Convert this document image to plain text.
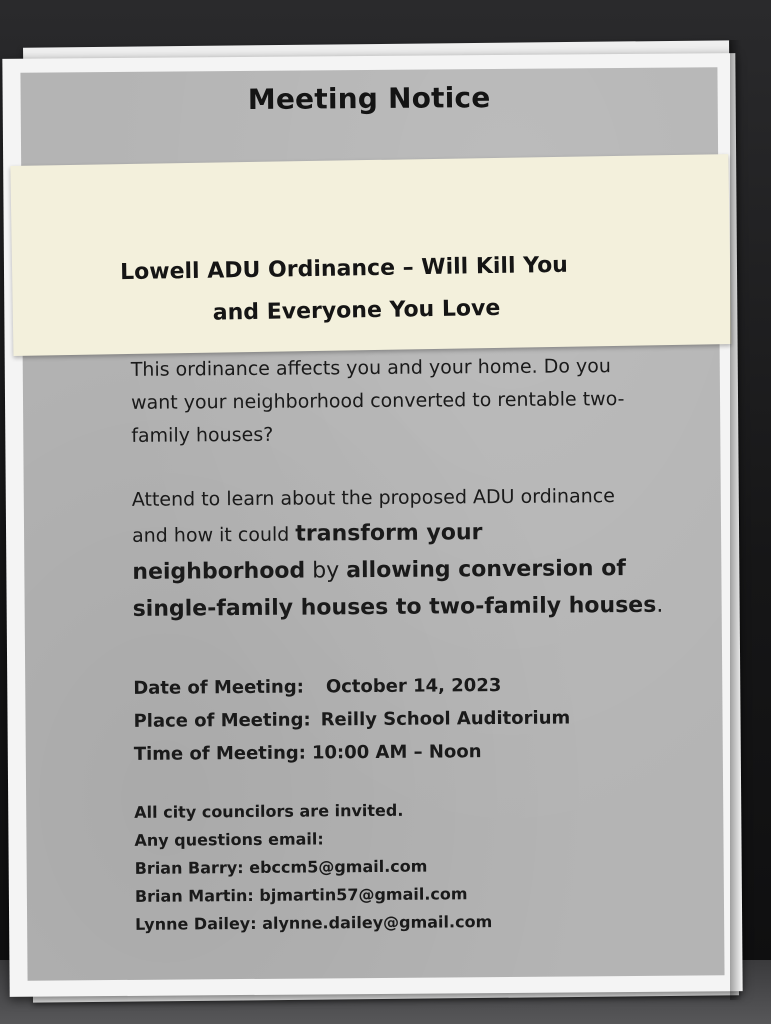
Meeting Notice
This ordinance affects you and your home. Do you
want your neighborhood converted to rentable two-
family houses?
Attend to learn about the proposed ADU ordinance
and how it could transform your
neighborhood by allowing conversion of
single-family houses to two-family houses.
Date of Meeting: October 14, 2023
Place of Meeting: Reilly School Auditorium
Time of Meeting: 10:00 AM – Noon
All city councilors are invited.
Any questions email:
Brian Barry: ebccm5@gmail.com
Brian Martin: bjmartin57@gmail.com
Lynne Dailey: alynne.dailey@gmail.com
Lowell ADU Ordinance – Will Kill You
and Everyone You Love
